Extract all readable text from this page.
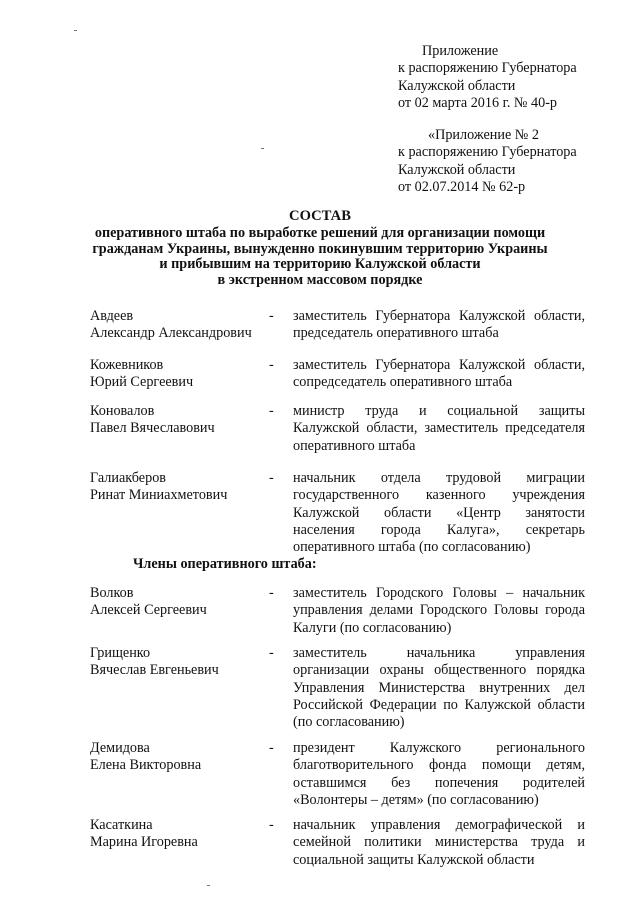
Приложение
к распоряжению Губернатора
Калужской области
от 02 марта 2016 г. № 40-р
«Приложение № 2
к распоряжению Губернатора
Калужской области
от 02.07.2014 № 62-р
СОСТАВ
оперативного штаба по выработке решений для организации помощи
гражданам Украины, вынужденно покинувшим территорию Украины
и прибывшим на территорию Калужской области
в экстренном массовом порядке
Авдеев
Александр Александрович
- заместитель Губернатора Калужской области, председатель оперативного штаба
Кожевников
Юрий Сергеевич
- заместитель Губернатора Калужской области, сопредседатель оперативного штаба
Коновалов
Павел Вячеславович
- министр труда и социальной защиты Калужской области, заместитель председателя оперативного штаба
Галиакберов
Ринат Миниахметович
- начальник отдела трудовой миграции государственного казенного учреждения Калужской области «Центр занятости населения города Калуга», секретарь оперативного штаба (по согласованию)
Члены оперативного штаба:
Волков
Алексей Сергеевич
- заместитель Городского Головы – начальник управления делами Городского Головы города Калуги (по согласованию)
Грищенко
Вячеслав Евгеньевич
- заместитель начальника управления организации охраны общественного порядка Управления Министерства внутренних дел Российской Федерации по Калужской области (по согласованию)
Демидова
Елена Викторовна
- президент Калужского регионального благотворительного фонда помощи детям, оставшимся без попечения родителей «Волонтеры – детям» (по согласованию)
Касаткина
Марина Игоревна
- начальник управления демографической и семейной политики министерства труда и социальной защиты Калужской области
